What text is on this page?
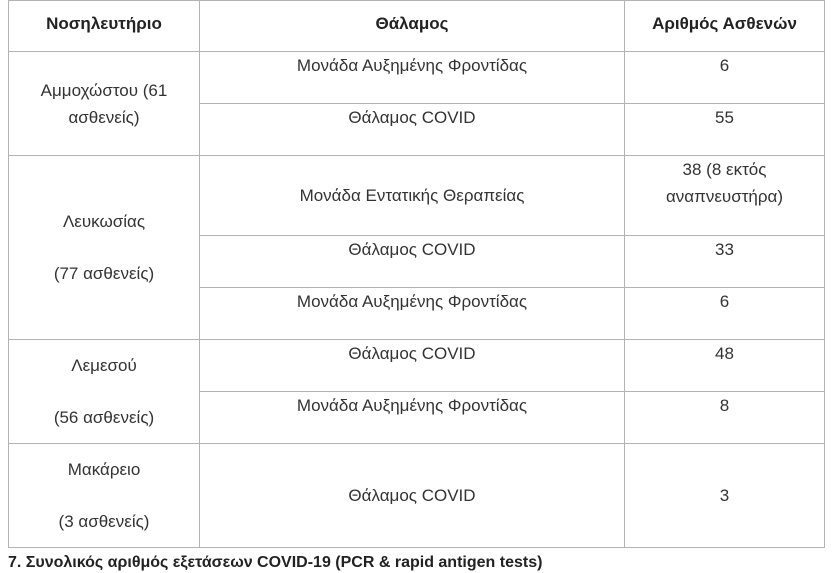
Νοσηλευτήριο	Θάλαμος	Αριθμός Ασθενών

Αμμοχώστου (61
ασθενείς)	Μονάδα Αυξημένης Φροντίδας	6
	Θάλαμος COVID	55

Λευκωσίας
(77 ασθενείς)	Μονάδα Εντατικής Θεραπείας	38 (8 εκτός
αναπνευστήρα)

	Θάλαμος COVID	33
	Μονάδα Αυξημένης Φροντίδας	6

Λεμεσού
(56 ασθενείς)	Θάλαμος COVID	48
	Μονάδα Αυξημένης Φροντίδας	8

Μακάρειο
(3 ασθενείς)	Θάλαμος COVID	3
7. Συνολικός αριθμός εξετάσεων COVID-19 (PCR & rapid antigen tests)
